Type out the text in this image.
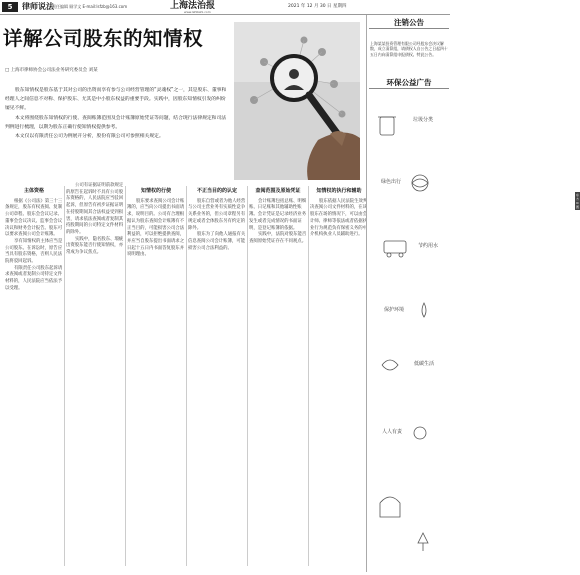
5	律师说法
责任编辑 顾学文 E-mail:lsfzb@163.com	上海法治报
www.lsfzbshl.com
2021 年 12 月 30 日 星期四
详解公司股东的知情权
□ 上海市律师协会公司法业务研究委员会 刘某

股东知情权是股东基于其对公司的出资而享有参与公司经营管理的“灵魂权”之一，其是股东、董事和经理人之间信息不对称、保护股东、尤其是中小股东权益的重要手段。实践中，因股东知情权引发的纠纷屡见不鲜。

本文将围绕股东知情权的行使、查阅账簿范围及会计账簿原始凭证等问题，结合现行法律规定和司法判例进行梳理，以期为股东正确行使知情权提供参考。

本文仅以有限责任公司为例展开分析，股份有限公司可参照相关规定。

东方IC 图
主体资格

根据《公司法》第三十三条规定，股东有权查阅、复制公司章程、股东会会议记录、董事会会议决议、监事会会议决议和财务会计报告。股东可以要求查阅公司会计账簿。

享有知情权的主体应当是公司股东。在诉讼时，原告应当具有股东资格，否则人民法院将驳回起诉。

有限责任公司股东起诉请求查阅或者复制公司特定文件材料的，人民法院应当依法予以受理。

公司有证据证明前款规定的原告在起诉时不具有公司股东资格的，人民法院应当驳回起诉，但原告有初步证据证明在持股期间其合法权益受到损害，请求依法查阅或者复制其持股期间的公司特定文件材料的除外。

实践中，隐名股东、瑕疵出资股东能否行使知情权，亦常成为争议焦点。

知情权的行使

股东要求查阅公司会计账簿的，应当向公司提出书面请求，说明目的。公司有合理根据认为股东查阅会计账簿有不正当目的，可能损害公司合法利益的，可以拒绝提供查阅，并应当自股东提出书面请求之日起十五日内书面答复股东并说明理由。

不正当目的的认定

股东自营或者为他人经营与公司主营业务有实质性竞争关系业务的，但公司章程另有规定或者全体股东另有约定的除外。

股东为了向他人通报有关信息查阅公司会计账簿，可能损害公司合法利益的。

查阅范围及原始凭证

会计账簿包括总账、明细账、日记账和其他辅助性账簿。会计凭证是记录经济业务发生或者完成情况的书面证明，是登记账簿的依据。

实践中，法院对股东能否查阅原始凭证存在不同观点。

知情权的执行和辅助

股东依据人民法院生效判决查阅公司文件材料的，在该股东在场的情况下，可以由会计师、律师等依法或者依据执业行为规范负有保密义务的中介机构执业人员辅助进行。

注销公告
上海某某投资管理有限公司经股东会决议解散，成立清算组，请债权人自公告之日起四十五日内向清算组申报债权。特此公告。
环保公益广告
垃圾分类
绿色出行
节约用水
保护环境
低碳生活
人人有责
